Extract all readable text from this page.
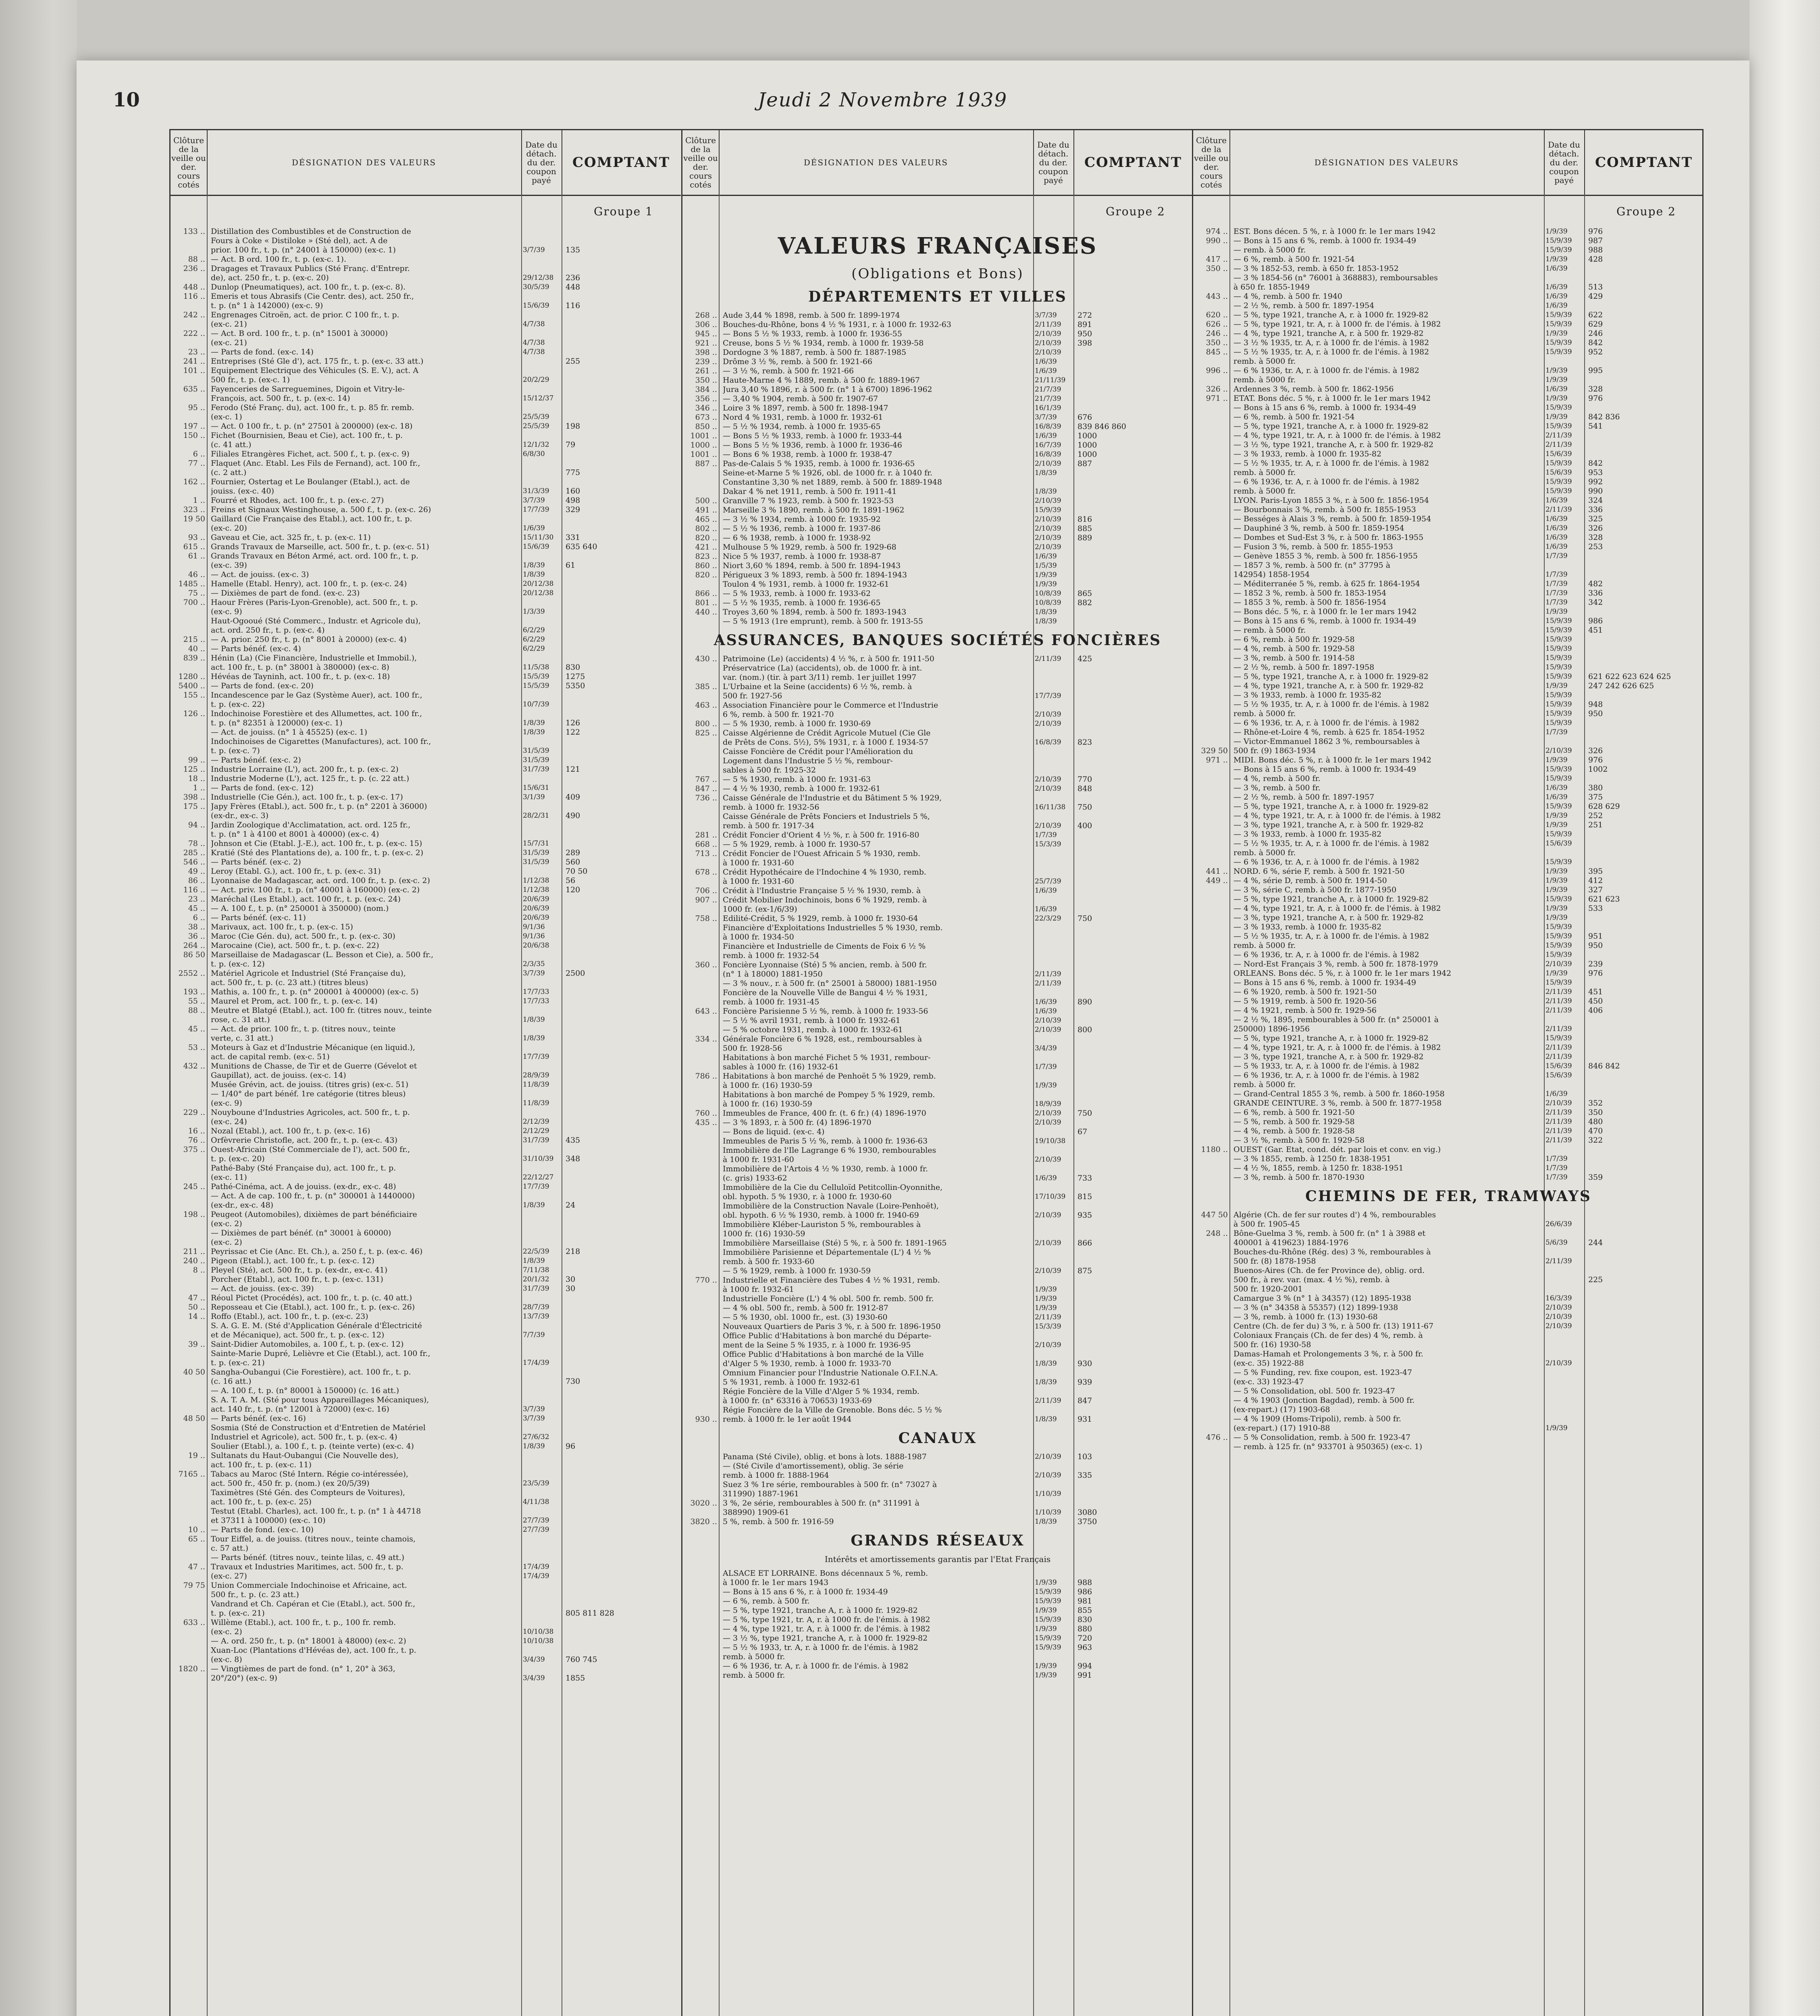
10	Jeudi 2 Novembre 1939
Clôture de la veille ou der. cours cotés
DÉSIGNATION DES VALEURS
Date du détach. du der. coupon payé
COMPTANT
Groupe 1
133 .. Distillation des Combustibles et de Construction de
Fours à Coke « Distiloke » (Sté del), act. A de
prior. 100 fr., t. p. (n° 24001 à 150000) (ex-c. 1)	3/7/39	135
88 .. — Act. B ord. 100 fr., t. p. (ex-c. 1).
236 .. Dragages et Travaux Publics (Sté Franç. d'Entrepr.
de), act. 250 fr., t. p. (ex-c. 20)	29/12/38	236
448 .. Dunlop (Pneumatiques), act. 100 fr., t. p. (ex-c. 8).	30/5/39	448
116 .. Emeris et tous Abrasifs (Cie Centr. des), act. 250 fr.,
t. p. (n° 1 à 142000) (ex-c. 9)	15/6/39	116
242 .. Engrenages Citroën, act. de prior. C 100 fr., t. p.
(ex-c. 21)	4/7/38
222 .. — Act. B ord. 100 fr., t. p. (n° 15001 à 30000)
(ex-c. 21)	4/7/38
23 .. — Parts de fond. (ex-c. 14)	4/7/38
241 .. Entreprises (Sté Gle d'), act. 175 fr., t. p. (ex-c. 33 att.)	255
101 .. Equipement Electrique des Véhicules (S. E. V.), act. A
500 fr., t. p. (ex-c. 1)	20/2/29
635 .. Fayenceries de Sarreguemines, Digoin et Vitry-le-
François, act. 500 fr., t. p. (ex-c. 14)	15/12/37
95 .. Ferodo (Sté Franç. du), act. 100 fr., t. p. 85 fr. remb.
(ex-c. 1)	25/5/39
197 .. — Act. 0 100 fr., t. p. (n° 27501 à 200000) (ex-c. 18)	25/5/39	198
150 .. Fichet (Bournisien, Beau et Cie), act. 100 fr., t. p.
(c. 41 att.)	12/1/32	79
6 .. Filiales Etrangères Fichet, act. 500 f., t. p. (ex-c. 9)	6/8/30
77 .. Flaquet (Anc. Etabl. Les Fils de Fernand), act. 100 fr.,
(c. 2 att.)	775
162 .. Fournier, Ostertag et Le Boulanger (Etabl.), act. de
jouiss. (ex-c. 40)	31/3/39	160
1 .. Fourré et Rhodes, act. 100 fr., t. p. (ex-c. 27)	3/7/39	498
323 .. Freins et Signaux Westinghouse, a. 500 f., t. p. (ex-c. 26)	17/7/39	329
19 50 Gaillard (Cie Française des Etabl.), act. 100 fr., t. p.
(ex-c. 20)	1/6/39
93 .. Gaveau et Cie, act. 325 fr., t. p. (ex-c. 11)	15/11/30	331
615 .. Grands Travaux de Marseille, act. 500 fr., t. p. (ex-c. 51)	15/6/39	635 640
61 .. Grands Travaux en Béton Armé, act. ord. 100 fr., t. p.
(ex-c. 39)	1/8/39	61
46 .. — Act. de jouiss. (ex-c. 3)	1/8/39
1485 .. Hamelle (Etabl. Henry), act. 100 fr., t. p. (ex-c. 24)	20/12/38
75 .. — Dixièmes de part de fond. (ex-c. 23)	20/12/38
700 .. Haour Frères (Paris-Lyon-Grenoble), act. 500 fr., t. p.
(ex-c. 9)	1/3/39
Haut-Ogooué (Sté Commerc., Industr. et Agricole du),
act. ord. 250 fr., t. p. (ex-c. 4)	6/2/29
215 .. — A. prior. 250 fr., t. p. (n° 8001 à 20000) (ex-c. 4)	6/2/29
40 .. — Parts bénéf. (ex-c. 4)	6/2/29
839 .. Hénin (La) (Cie Financière, Industrielle et Immobil.),
act. 100 fr., t. p. (n° 38001 à 380000) (ex-c. 8)	11/5/38	830
1280 .. Hévéas de Tayninh, act. 100 fr., t. p. (ex-c. 18)	15/5/39	1275
5400 .. — Parts de fond. (ex-c. 20)	15/5/39	5350
155 .. Incandescence par le Gaz (Système Auer), act. 100 fr.,
t. p. (ex-c. 22)	10/7/39
126 .. Indochinoise Forestière et des Allumettes, act. 100 fr.,
t. p. (n° 82351 à 120000) (ex-c. 1)	1/8/39	126
— Act. de jouiss. (n° 1 à 45525) (ex-c. 1)	1/8/39	122
Indochinoises de Cigarettes (Manufactures), act. 100 fr.,
t. p. (ex-c. 7)	31/5/39
99 .. — Parts bénéf. (ex-c. 2)	31/5/39
125 .. Industrie Lorraine (L'), act. 200 fr., t. p. (ex-c. 2)	31/7/39	121
18 .. Industrie Moderne (L'), act. 125 fr., t. p. (c. 22 att.)
1 .. — Parts de fond. (ex-c. 12)	15/6/31
398 .. Industrielle (Cie Gén.), act. 100 fr., t. p. (ex-c. 17)	3/1/39	409
175 .. Japy Frères (Etabl.), act. 500 fr., t. p. (n° 2201 à 36000)
(ex-dr., ex-c. 3)	28/2/31	490
94 .. Jardin Zoologique d'Acclimatation, act. ord. 125 fr.,
t. p. (n° 1 à 4100 et 8001 à 40000) (ex-c. 4)
78 .. Johnson et Cie (Etabl. J.-E.), act. 100 fr., t. p. (ex-c. 15)	15/7/31
285 .. Kratié (Sté des Plantations de), a. 100 fr., t. p. (ex-c. 2)	31/5/39	289
546 .. — Parts bénéf. (ex-c. 2)	31/5/39	560
49 .. Leroy (Etabl. G.), act. 100 fr., t. p. (ex-c. 31)	70 50
86 .. Lyonnaise de Madagascar, act. ord. 100 fr., t. p. (ex-c. 2)	1/12/38	56
116 .. — Act. priv. 100 fr., t. p. (n° 40001 à 160000) (ex-c. 2)	1/12/38	120
23 .. Maréchal (Les Etabl.), act. 100 fr., t. p. (ex-c. 24)	20/6/39
45 .. — A. 100 f., t. p. (n° 250001 à 350000) (nom.)	20/6/39
6 .. — Parts bénéf. (ex-c. 11)	20/6/39
38 .. Marivaux, act. 100 fr., t. p. (ex-c. 15)	9/1/36
36 .. Maroc (Cie Gén. du), act. 500 fr., t. p. (ex-c. 30)	9/1/36
264 .. Marocaine (Cie), act. 500 fr., t. p. (ex-c. 22)	20/6/38
86 50 Marseillaise de Madagascar (L. Besson et Cie), a. 500 fr.,
t. p. (ex-c. 12)	2/3/35
2552 .. Matériel Agricole et Industriel (Sté Française du),	3/7/39	2500
act. 500 fr., t. p. (c. 23 att.) (titres bleus)
193 .. Mathis, a. 100 fr., t. p. (n° 200001 à 400000) (ex-c. 5)	17/7/33
55 .. Maurel et Prom, act. 100 fr., t. p. (ex-c. 14)	17/7/33
88 .. Meutre et Blatgé (Etabl.), act. 100 fr. (titres nouv., teinte
rose, c. 31 att.)	1/8/39
45 .. — Act. de prior. 100 fr., t. p. (titres nouv., teinte
verte, c. 31 att.)	1/8/39
53 .. Moteurs à Gaz et d'Industrie Mécanique (en liquid.),
act. de capital remb. (ex-c. 51)	17/7/39
432 .. Munitions de Chasse, de Tir et de Guerre (Gévelot et
Gaupillat), act. de jouiss. (ex-c. 14)	28/9/39
Musée Grévin, act. de jouiss. (titres gris) (ex-c. 51)	11/8/39
— 1/40° de part bénéf. 1re catégorie (titres bleus)
(ex-c. 9)	11/8/39
229 .. Nouyboune d'Industries Agricoles, act. 500 fr., t. p.
(ex-c. 24)	2/12/39
16 .. Nozal (Etabl.), act. 100 fr., t. p. (ex-c. 16)	2/12/29
76 .. Orfèvrerie Christofle, act. 200 fr., t. p. (ex-c. 43)	31/7/39	435
375 .. Ouest-Africain (Sté Commerciale de l'), act. 500 fr.,
t. p. (ex-c. 20)	31/10/39	348
Pathé-Baby (Sté Française du), act. 100 fr., t. p.
(ex-c. 11)	22/12/27
245 .. Pathé-Cinéma, act. A de jouiss. (ex-dr., ex-c. 48)	17/7/39
— Act. A de cap. 100 fr., t. p. (n° 300001 à 1440000)
(ex-dr., ex-c. 48)	1/8/39	24
198 .. Peugeot (Automobiles), dixièmes de part bénéficiaire
(ex-c. 2)
— Dixièmes de part bénéf. (n° 30001 à 60000)
(ex-c. 2)
211 .. Peyrissac et Cie (Anc. Et. Ch.), a. 250 f., t. p. (ex-c. 46)	22/5/39	218
240 .. Pigeon (Etabl.), act. 100 fr., t. p. (ex-c. 12)	1/8/39
8 .. Pleyel (Sté), act. 500 fr., t. p. (ex-dr., ex-c. 41)	7/11/38
Porcher (Etabl.), act. 100 fr., t. p. (ex-c. 131)	20/1/32	30
— Act. de jouiss. (ex-c. 39)	31/7/39	30
47 .. Réoul Pictet (Procédés), act. 100 fr., t. p. (c. 40 att.)
50 .. Reposseau et Cie (Etabl.), act. 100 fr., t. p. (ex-c. 26)	28/7/39
14 .. Roffo (Etabl.), act. 100 fr., t. p. (ex-c. 23)	13/7/39
S. A. G. E. M. (Sté d'Application Générale d'Électricité
et de Mécanique), act. 500 fr., t. p. (ex-c. 12)	7/7/39
39 .. Saint-Didier Automobiles, a. 100 f., t. p. (ex-c. 12)
Sainte-Marie Dupré, Lelièvre et Cie (Etabl.), act. 100 fr.,
t. p. (ex-c. 21)	17/4/39
40 50 Sangha-Oubangui (Cie Forestière), act. 100 fr., t. p.
(c. 16 att.)	730
— A. 100 f., t. p. (n° 80001 à 150000) (c. 16 att.)
S. A. T. A. M. (Sté pour tous Appareillages Mécaniques),
act. 140 fr., t. p. (n° 12001 à 72000) (ex-c. 16)	3/7/39
48 50 — Parts bénéf. (ex-c. 16)	3/7/39
Sosmia (Sté de Construction et d'Entretien de Matériel
Industriel et Agricole), act. 500 fr., t. p. (ex-c. 4)	27/6/32
Soulier (Etabl.), a. 100 f., t. p. (teinte verte) (ex-c. 4)	1/8/39	96
19 .. Sultanats du Haut-Oubangui (Cie Nouvelle des),
act. 100 fr., t. p. (ex-c. 11)
7165 .. Tabacs au Maroc (Sté Intern. Régie co-intéressée),
act. 500 fr., 450 fr. p. (nom.) (ex 20/5/39)	23/5/39
Taximètres (Sté Gén. des Compteurs de Voitures),
act. 100 fr., t. p. (ex-c. 25)	4/11/38
Testut (Etabl. Charles), act. 100 fr., t. p. (n° 1 à 44718
et 37311 à 100000) (ex-c. 10)	27/7/39
10 .. — Parts de fond. (ex-c. 10)	27/7/39
65 .. Tour Eiffel, a. de jouiss. (titres nouv., teinte chamois,
c. 57 att.)
— Parts bénéf. (titres nouv., teinte lilas, c. 49 att.)
47 .. Travaux et Industries Maritimes, act. 500 fr., t. p.	17/4/39
(ex-c. 27)	17/4/39
79 75 Union Commerciale Indochinoise et Africaine, act.
500 fr., t. p. (c. 23 att.)
Vandrand et Ch. Capéran et Cie (Etabl.), act. 500 fr.,
t. p. (ex-c. 21)	805 811 828
633 .. Willème (Etabl.), act. 100 fr., t. p., 100 fr. remb.
(ex-c. 2)	10/10/38
— A. ord. 250 fr., t. p. (n° 18001 à 48000) (ex-c. 2)	10/10/38
Xuan-Loc (Plantations d'Hévéas de), act. 100 fr., t. p.
(ex-c. 8)	3/4/39	760 745
1820 .. — Vingtièmes de part de fond. (n° 1, 20° à 363,
20°/20°) (ex-c. 9)	3/4/39	1855
Clôture de la veille ou der. cours cotés
DÉSIGNATION DES VALEURS
Date du détach. du der. coupon payé
COMPTANT
Groupe 2
VALEURS FRANÇAISES
(Obligations et Bons)
DÉPARTEMENTS ET VILLES
268 .. Aude 3,44 % 1898, remb. à 500 fr. 1899-1974	3/7/39	272
306 .. Bouches-du-Rhône, bons 4 ½ % 1931, r. à 1000 fr. 1932-63	2/11/39	891
945 .. — Bons 5 ½ % 1933, remb. à 1000 fr. 1936-55	2/10/39	950
921 .. Creuse, bons 5 ½ % 1934, remb. à 1000 fr. 1939-58	2/10/39	398
398 .. Dordogne 3 % 1887, remb. à 500 fr. 1887-1985	2/10/39
239 .. Drôme 3 ½ %, remb. à 500 fr. 1921-66	1/6/39
261 .. — 3 ½ %, remb. à 500 fr. 1921-66	1/6/39
350 .. Haute-Marne 4 % 1889, remb. à 500 fr. 1889-1967	21/11/39
384 .. Jura 3,40 % 1896, r. à 500 fr. (n° 1 à 6700) 1896-1962	21/7/39
356 .. — 3,40 % 1904, remb. à 500 fr. 1907-67	21/7/39
346 .. Loire 3 % 1897, remb. à 500 fr. 1898-1947	16/1/39
673 .. Nord 4 % 1931, remb. à 1000 fr. 1932-61	3/7/39	676
850 .. — 5 ½ % 1934, remb. à 1000 fr. 1935-65	16/8/39	839 846 860
1001 .. — Bons 5 ½ % 1933, remb. à 1000 fr. 1933-44	1/6/39	1000
1000 .. — Bons 5 ½ % 1936, remb. à 1000 fr. 1936-46	16/7/39	1000
1001 .. — Bons 6 % 1938, remb. à 1000 fr. 1938-47	16/8/39	1000
887 .. Pas-de-Calais 5 % 1935, remb. à 1000 fr. 1936-65	2/10/39	887
Seine-et-Marne 5 % 1926, obl. de 1000 fr. r. à 1040 fr.	1/8/39
Constantine 3,30 % net 1889, remb. à 500 fr. 1889-1948
Dakar 4 % net 1911, remb. à 500 fr. 1911-41	1/8/39
500 .. Granville 7 % 1923, remb. à 500 fr. 1923-53	2/10/39
491 .. Marseille 3 % 1890, remb. à 500 fr. 1891-1962	15/9/39
465 .. — 3 ½ % 1934, remb. à 1000 fr. 1935-92	2/10/39	816
802 .. — 5 ½ % 1936, remb. à 1000 fr. 1937-86	2/10/39	885
820 .. — 6 % 1938, remb. à 1000 fr. 1938-92	2/10/39	889
421 .. Mulhouse 5 % 1929, remb. à 500 fr. 1929-68	2/10/39
823 .. Nice 5 % 1937, remb. à 1000 fr. 1938-87	1/6/39
860 .. Niort 3,60 % 1894, remb. à 500 fr. 1894-1943	1/5/39
820 .. Périgueux 3 % 1893, remb. à 500 fr. 1894-1943	1/9/39
Toulon 4 % 1931, remb. à 1000 fr. 1932-61	1/9/39
866 .. — 5 % 1933, remb. à 1000 fr. 1933-62	10/8/39	865
801 .. — 5 ½ % 1935, remb. à 1000 fr. 1936-65	10/8/39	882
440 .. Troyes 3,60 % 1894, remb. à 500 fr. 1893-1943	1/8/39
— 5 % 1913 (1re emprunt), remb. à 500 fr. 1913-55	1/8/39
ASSURANCES, BANQUES SOCIÉTÉS FONCIÈRES
430 .. Patrimoine (Le) (accidents) 4 ½ %, r. à 500 fr. 1911-50	2/11/39	425
Préservatrice (La) (accidents), ob. de 1000 fr. à int.
var. (nom.) (tir. à part 3/11) remb. 1er juillet 1997
385 .. L'Urbaine et la Seine (accidents) 6 ½ %, remb. à
500 fr. 1927-56	17/7/39
463 .. Association Financière pour le Commerce et l'Industrie
6 %, remb. à 500 fr. 1921-70	2/10/39
800 .. — 5 % 1930, remb. à 1000 fr. 1930-69	2/10/39
825 .. Caisse Algérienne de Crédit Agricole Mutuel (Cie Gle
de Prêts de Cons. 5½), 5% 1931, r. à 1000 f. 1934-57	16/8/39	823
Caisse Foncière de Crédit pour l'Amélioration du
Logement dans l'Industrie 5 ½ %, rembour-
sables à 500 fr. 1925-32
767 .. — 5 % 1930, remb. à 1000 fr. 1931-63	2/10/39	770
847 .. — 4 ½ % 1930, remb. à 1000 fr. 1932-61	2/10/39	848
736 .. Caisse Générale de l'Industrie et du Bâtiment 5 % 1929,
remb. à 1000 fr. 1932-56	16/11/38	750
Caisse Générale de Prêts Fonciers et Industriels 5 %,
remb. à 500 fr. 1917-34	2/10/39	400
281 .. Crédit Foncier d'Orient 4 ½ %, r. à 500 fr. 1916-80	1/7/39
668 .. — 5 % 1929, remb. à 1000 fr. 1930-57	15/3/39
713 .. Crédit Foncier de l'Ouest Africain 5 % 1930, remb.
à 1000 fr. 1931-60
678 .. Crédit Hypothécaire de l'Indochine 4 % 1930, remb.
à 1000 fr. 1931-60	25/7/39
706 .. Crédit à l'Industrie Française 5 ½ % 1930, remb. à	1/6/39
907 .. Crédit Mobilier Indochinois, bons 6 % 1929, remb. à
1000 fr. (ex-1/6/39)	1/6/39
758 .. Edilité-Crédit, 5 % 1929, remb. à 1000 fr. 1930-64	22/3/29	750
Financière d'Exploitations Industrielles 5 % 1930, remb.
à 1000 fr. 1934-50
Financière et Industrielle de Ciments de Foix 6 ½ %
remb. à 1000 fr. 1932-54
360 .. Foncière Lyonnaise (Sté) 5 % ancien, remb. à 500 fr.
(n° 1 à 18000) 1881-1950	2/11/39
— 3 % nouv., r. à 500 fr. (n° 25001 à 58000) 1881-1950	2/11/39
Foncière de la Nouvelle Ville de Bangui 4 ½ % 1931,
remb. à 1000 fr. 1931-45	1/6/39	890
643 .. Foncière Parisienne 5 ½ %, remb. à 1000 fr. 1933-56	1/6/39
— 5 ½ % avril 1931, remb. à 1000 fr. 1932-61	2/10/39
— 5 % octobre 1931, remb. à 1000 fr. 1932-61	2/10/39	800
334 .. Générale Foncière 6 % 1928, est., remboursables à
500 fr. 1928-56	3/4/39
Habitations à bon marché Fichet 5 % 1931, rembour-
sables à 1000 fr. (16) 1932-61	1/7/39
786 .. Habitations à bon marché de Penhoët 5 % 1929, remb.
à 1000 fr. (16) 1930-59	1/9/39
Habitations à bon marché de Pompey 5 % 1929, remb.
à 1000 fr. (16) 1930-59	18/9/39
760 .. Immeubles de France, 400 fr. (t. 6 fr.) (4) 1896-1970	2/10/39	750
435 .. — 3 % 1893, r. à 500 fr. (4) 1896-1970	2/10/39
— Bons de liquid. (ex-c. 4)	67
Immeubles de Paris 5 ½ %, remb. à 1000 fr. 1936-63	19/10/38
Immobilière de l'Ile Lagrange 6 % 1930, rembourables
à 1000 fr. 1931-60	2/10/39
Immobilière de l'Artois 4 ½ % 1930, remb. à 1000 fr.
(c. gris) 1933-62	1/6/39	733
Immobilière de la Cie du Celluloïd Petitcollin-Oyonnithe,
obl. hypoth. 5 % 1930, r. à 1000 fr. 1930-60	17/10/39	815
Immobilière de la Construction Navale (Loire-Penhoët),
obl. hypoth. 6 ½ % 1930, remb. à 1000 fr. 1940-69	2/10/39	935
Immobilière Kléber-Lauriston 5 %, rembourables à
1000 fr. (16) 1930-59
Immobilière Marseillaise (Sté) 5 %, r. à 500 fr. 1891-1965	2/10/39	866
Immobilière Parisienne et Départementale (L') 4 ½ %
remb. à 500 fr. 1933-60
— 5 % 1929, remb. à 1000 fr. 1930-59	2/10/39	875
770 .. Industrielle et Financière des Tubes 4 ½ % 1931, remb.
à 1000 fr. 1932-61	1/9/39
Industrielle Foncière (L') 4 % obl. 500 fr. remb. 500 fr.	1/9/39
— 4 % obl. 500 fr., remb. à 500 fr. 1912-87	1/9/39
— 5 % 1930, obl. 1000 fr., est. (3) 1930-60	2/11/39
Nouveaux Quartiers de Paris 3 %, r. à 500 fr. 1896-1950	15/3/39
Office Public d'Habitations à bon marché du Départe-
ment de la Seine 5 % 1935, r. à 1000 fr. 1936-95	2/10/39
Office Public d'Habitations à bon marché de la Ville
d'Alger 5 % 1930, remb. à 1000 fr. 1933-70	1/8/39	930
Omnium Financier pour l'Industrie Nationale O.F.I.N.A.
5 % 1931, remb. à 1000 fr. 1932-61	1/8/39	939
Régie Foncière de la Ville d'Alger 5 % 1934, remb.
à 1000 fr. (n° 63316 à 70653) 1933-69	2/11/39	847
Régie Foncière de la Ville de Grenoble. Bons déc. 5 ½ %
930 .. remb. à 1000 fr. le 1er août 1944	1/8/39	931
CANAUX
Panama (Sté Civile), oblig. et bons à lots. 1888-1987	2/10/39	103
— (Sté Civile d'amortissement), oblig. 3e série
remb. à 1000 fr. 1888-1964	2/10/39	335
Suez 3 % 1re série, rembourables à 500 fr. (n° 73027 à
311990) 1887-1961	1/10/39
3020 .. 3 %, 2e série, rembourables à 500 fr. (n° 311991 à
388990) 1909-61	1/10/39	3080
3820 .. 5 %, remb. à 500 fr. 1916-59	1/8/39	3750
GRANDS RÉSEAUX
Intérêts et amortissements garantis par l'Etat Français
ALSACE ET LORRAINE. Bons décennaux 5 %, remb.
à 1000 fr. le 1er mars 1943	1/9/39	988
— Bons à 15 ans 6 %, r. à 1000 fr. 1934-49	15/9/39	986
— 6 %, remb. à 500 fr.	15/9/39	981
— 5 %, type 1921, tranche A, r. à 1000 fr. 1929-82	1/9/39	855
— 5 %, type 1921, tr. A, r. à 1000 fr. de l'émis. à 1982	15/9/39	830
— 4 %, type 1921, tr. A, r. à 1000 fr. de l'émis. à 1982	1/9/39	880
— 3 ½ %, type 1921, tranche A, r. à 1000 fr. 1929-82	15/9/39	720
— 5 ½ % 1933, tr. A, r. à 1000 fr. de l'émis. à 1982	15/9/39	963
remb. à 5000 fr.
— 6 % 1936, tr. A, r. à 1000 fr. de l'émis. à 1982	1/9/39	994
remb. à 5000 fr.	1/9/39	991
Clôture de la veille ou der. cours cotés
DÉSIGNATION DES VALEURS
Date du détach. du der. coupon payé
COMPTANT
Groupe 2
974 .. EST. Bons décen. 5 %, r. à 1000 fr. le 1er mars 1942	1/9/39	976
990 .. — Bons à 15 ans 6 %, remb. à 1000 fr. 1934-49	15/9/39	987
— remb. à 5000 fr.	15/9/39	988
417 .. — 6 %, remb. à 500 fr. 1921-54	1/9/39	428
350 .. — 3 % 1852-53, remb. à 650 fr. 1853-1952	1/6/39
— 3 % 1854-56 (n° 76001 à 368883), remboursables
à 650 fr. 1855-1949	1/6/39	513
443 .. — 4 %, remb. à 500 fr. 1940	1/6/39	429
— 2 ½ %, remb. à 500 fr. 1897-1954	1/6/39
620 .. — 5 %, type 1921, tranche A, r. à 1000 fr. 1929-82	15/9/39	622
626 .. — 5 %, type 1921, tr. A, r. à 1000 fr. de l'émis. à 1982	15/9/39	629
246 .. — 4 %, type 1921, tranche A, r. à 500 fr. 1929-82	1/9/39	246
350 .. — 3 ½ % 1935, tr. A, r. à 1000 fr. de l'émis. à 1982	15/9/39	842
845 .. — 5 ½ % 1935, tr. A, r. à 1000 fr. de l'émis. à 1982	15/9/39	952
remb. à 5000 fr.
996 .. — 6 % 1936, tr. A, r. à 1000 fr. de l'émis. à 1982	1/9/39	995
remb. à 5000 fr.	1/9/39
326 .. Ardennes 3 %, remb. à 500 fr. 1862-1956	1/6/39	328
971 .. ETAT. Bons déc. 5 %, r. à 1000 fr. le 1er mars 1942	1/9/39	976
— Bons à 15 ans 6 %, remb. à 1000 fr. 1934-49	15/9/39
— 6 %, remb. à 500 fr. 1921-54	1/9/39	842 836
— 5 %, type 1921, tranche A, r. à 1000 fr. 1929-82	15/9/39	541
— 4 %, type 1921, tr. A, r. à 1000 fr. de l'émis. à 1982	2/11/39
— 3 ½ %, type 1921, tranche A, r. à 500 fr. 1929-82	2/11/39
— 3 % 1933, remb. à 1000 fr. 1935-82	15/6/39
— 5 ½ % 1935, tr. A, r. à 1000 fr. de l'émis. à 1982	15/9/39	842
remb. à 5000 fr.	15/6/39	953
— 6 % 1936, tr. A, r. à 1000 fr. de l'émis. à 1982	15/9/39	992
remb. à 5000 fr.	15/9/39	990
LYON. Paris-Lyon 1855 3 %, r. à 500 fr. 1856-1954	1/6/39	324
— Bourbonnais 3 %, remb. à 500 fr. 1855-1953	2/11/39	336
— Bességes à Alais 3 %, remb. à 500 fr. 1859-1954	1/6/39	325
— Dauphiné 3 %, remb. à 500 fr. 1859-1954	1/6/39	326
— Dombes et Sud-Est 3 %, r. à 500 fr. 1863-1955	1/6/39	328
— Fusion 3 %, remb. à 500 fr. 1855-1953	1/6/39	253
— Genève 1855 3 %, remb. à 500 fr. 1856-1955	1/7/39
— 1857 3 %, remb. à 500 fr. (n° 37795 à
142954) 1858-1954	1/7/39
— Méditerranée 5 %, remb. à 625 fr. 1864-1954	1/7/39	482
— 1852 3 %, remb. à 500 fr. 1853-1954	1/7/39	336
— 1855 3 %, remb. à 500 fr. 1856-1954	1/7/39	342
— Bons déc. 5 %, r. à 1000 fr. le 1er mars 1942	1/9/39
— Bons à 15 ans 6 %, remb. à 1000 fr. 1934-49	15/9/39	986
— remb. à 5000 fr.	15/9/39	451
— 6 %, remb. à 500 fr. 1929-58	15/9/39
— 4 %, remb. à 500 fr. 1929-58	15/9/39
— 3 %, remb. à 500 fr. 1914-58	15/9/39
— 2 ½ %, remb. à 500 fr. 1897-1958	15/9/39
— 5 %, type 1921, tranche A, r. à 1000 fr. 1929-82	15/9/39	621 622 623 624 625
— 4 %, type 1921, tranche A, r. à 500 fr. 1929-82	1/9/39	247 242 626 625
— 3 % 1933, remb. à 1000 fr. 1935-82	15/9/39
— 5 ½ % 1935, tr. A, r. à 1000 fr. de l'émis. à 1982	15/9/39	948
remb. à 5000 fr.	15/9/39	950
— 6 % 1936, tr. A, r. à 1000 fr. de l'émis. à 1982	15/9/39
— Rhône-et-Loire 4 %, remb. à 625 fr. 1854-1952	1/7/39
— Victor-Emmanuel 1862 3 %, remboursables à
329 50 500 fr. (9) 1863-1934	2/10/39	326
971 .. MIDI. Bons déc. 5 %, r. à 1000 fr. le 1er mars 1942	1/9/39	976
— Bons à 15 ans 6 %, remb. à 1000 fr. 1934-49	15/9/39	1002
— 4 %, remb. à 500 fr.	15/9/39
— 3 %, remb. à 500 fr.	1/6/39	380
— 2 ½ %, remb. à 500 fr. 1897-1957	1/6/39	375
— 5 %, type 1921, tranche A, r. à 1000 fr. 1929-82	15/9/39	628 629
— 4 %, type 1921, tr. A, r. à 1000 fr. de l'émis. à 1982	1/9/39	252
— 3 %, type 1921, tranche A, r. à 500 fr. 1929-82	1/9/39	251
— 3 % 1933, remb. à 1000 fr. 1935-82	15/9/39
— 5 ½ % 1935, tr. A, r. à 1000 fr. de l'émis. à 1982	15/6/39
remb. à 5000 fr.
— 6 % 1936, tr. A, r. à 1000 fr. de l'émis. à 1982	15/9/39
441 .. NORD. 6 %, série F, remb. à 500 fr. 1921-50	1/9/39	395
449 .. — 4 %, série D, remb. à 500 fr. 1914-50	1/9/39	412
— 3 %, série C, remb. à 500 fr. 1877-1950	1/9/39	327
— 5 %, type 1921, tranche A, r. à 1000 fr. 1929-82	15/9/39	621 623
— 4 %, type 1921, tr. A, r. à 1000 fr. de l'émis. à 1982	1/9/39	533
— 3 %, type 1921, tranche A, r. à 500 fr. 1929-82	1/9/39
— 3 % 1933, remb. à 1000 fr. 1935-82	15/9/39
— 5 ½ % 1935, tr. A, r. à 1000 fr. de l'émis. à 1982	15/9/39	951
remb. à 5000 fr.	15/9/39	950
— 6 % 1936, tr. A, r. à 1000 fr. de l'émis. à 1982	15/9/39
— Nord-Est Français 3 %, remb. à 500 fr. 1878-1979	2/10/39	239
ORLEANS. Bons déc. 5 %, r. à 1000 fr. le 1er mars 1942	1/9/39	976
— Bons à 15 ans 6 %, remb. à 1000 fr. 1934-49	15/9/39
— 6 % 1920, remb. à 500 fr. 1921-50	2/11/39	451
— 5 % 1919, remb. à 500 fr. 1920-56	2/11/39	450
— 4 % 1921, remb. à 500 fr. 1929-56	2/11/39	406
— 2 ½ %, 1895, rembourables à 500 fr. (n° 250001 à
250000) 1896-1956	2/11/39
— 5 %, type 1921, tranche A, r. à 1000 fr. 1929-82	15/9/39
— 4 %, type 1921, tr. A, r. à 1000 fr. de l'émis. à 1982	2/11/39
— 3 %, type 1921, tranche A, r. à 500 fr. 1929-82	2/11/39
— 5 % 1933, tr. A, r. à 1000 fr. de l'émis. à 1982	15/6/39	846 842
— 6 % 1936, tr. A, r. à 1000 fr. de l'émis. à 1982	15/6/39
remb. à 5000 fr.
— Grand-Central 1855 3 %, remb. à 500 fr. 1860-1958	1/6/39
GRANDE CEINTURE. 3 %, remb. à 500 fr. 1877-1958	2/10/39	352
— 6 %, remb. à 500 fr. 1921-50	2/11/39	350
— 5 %, remb. à 500 fr. 1929-58	2/11/39	480
— 4 %, remb. à 500 fr. 1928-58	2/11/39	470
— 3 ½ %, remb. à 500 fr. 1929-58	2/11/39	322
1180 .. OUEST (Gar. Etat, cond. dét. par lois et conv. en vig.)
— 3 % 1855, remb. à 1250 fr. 1838-1951	1/7/39
— 4 ½ %, 1855, remb. à 1250 fr. 1838-1951	1/7/39
— 3 %, remb. à 500 fr. 1870-1930	1/7/39	359
CHEMINS DE FER, TRAMWAYS
447 50 Algérie (Ch. de fer sur routes d') 4 %, rembourables
à 500 fr. 1905-45	26/6/39
248 .. Bône-Guelma 3 %, remb. à 500 fr. (n° 1 à 3988 et
400001 à 419623) 1884-1976	5/6/39	244
Bouches-du-Rhône (Rég. des) 3 %, rembourables à
500 fr. (8) 1878-1958	2/11/39
Buenos-Aires (Ch. de fer Province de), oblig. ord.
500 fr., à rev. var. (max. 4 ½ %), remb. à	225
500 fr. 1920-2001
Camargue 3 % (n° 1 à 34357) (12) 1895-1938	16/3/39
— 3 % (n° 34358 à 55357) (12) 1899-1938	2/10/39
— 3 %, remb. à 1000 fr. (13) 1930-68	2/10/39
Centre (Ch. de fer du) 3 %, r. à 500 fr. (13) 1911-67	2/10/39
Coloniaux Français (Ch. de fer des) 4 %, remb. à
500 fr. (16) 1930-58
Damas-Hamah et Prolongements 3 %, r. à 500 fr.
(ex-c. 35) 1922-88	2/10/39
— 5 % Funding, rev. fixe coupon, est. 1923-47
(ex-c. 33) 1923-47
— 5 % Consolidation, obl. 500 fr. 1923-47
— 4 % 1903 (Jonction Bagdad), remb. à 500 fr.
(ex-repart.) (17) 1903-68
— 4 % 1909 (Homs-Tripoli), remb. à 500 fr.
(ex-repart.) (17) 1910-88	1/9/39
476 .. — 5 % Consolidation, remb. à 500 fr. 1923-47
— remb. à 125 fr. (n° 933701 à 950365) (ex-c. 1)
